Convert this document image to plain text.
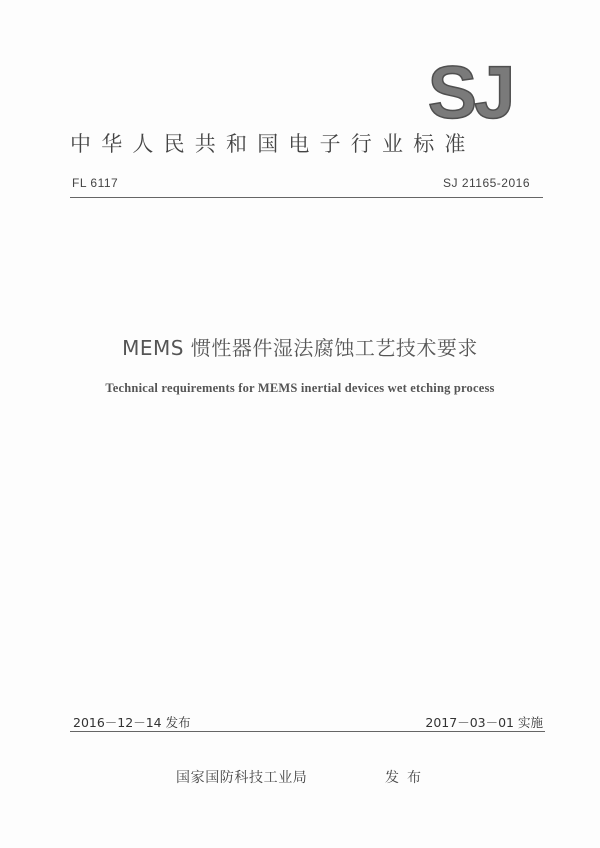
SJ
中华人民共和国电子行业标准
FL 6117	SJ 21165-2016
MEMS 惯性器件湿法腐蚀工艺技术要求
Technical requirements for MEMS inertial devices wet etching process
2016－12－14 发布	2017－03－01 实施
国家国防科技工业局	发布
